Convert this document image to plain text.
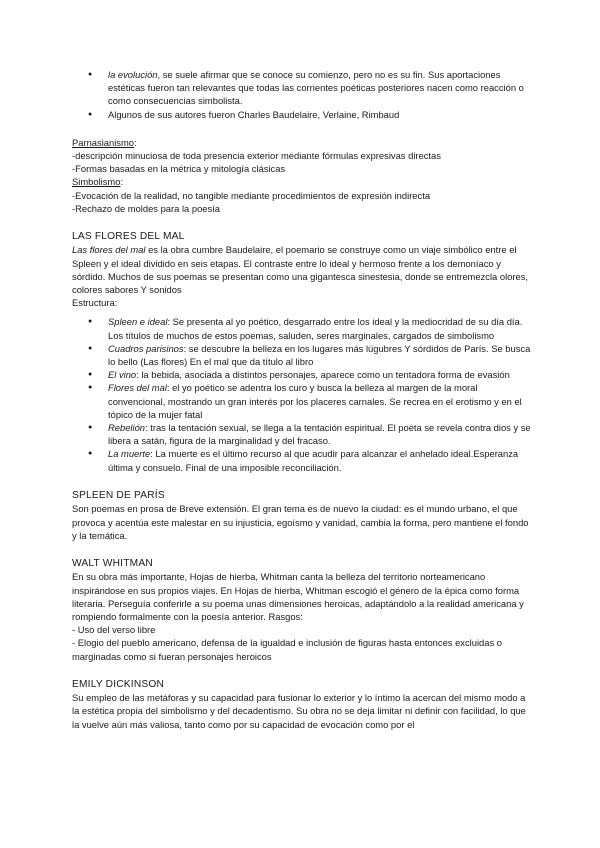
● la evolución, se suele afirmar que se conoce su comienzo, pero no es su fin. Sus aportaciones estéticas fueron tan relevantes que todas las corrientes poéticas posteriores nacen como reacción o como consecuencias simbolista.
● Algunos de sus autores fueron Charles Baudelaire, Verlaine, Rimbaud

Parnasianismo:

-descripción minuciosa de toda presencia exterior mediante fórmulas expresivas directas

-Formas basadas en la métrica y mitología clásicas

Simbolismo:

-Evocación de la realidad, no tangible mediante procedimientos de expresión indirecta

-Rechazo de moldes para la poesía

LAS FLORES DEL MAL

Las flores del mal es la obra cumbre Baudelaire, el poemario se construye como un viaje simbólico entre el Spleen y el ideal dividido en seis etapas. El contraste entre lo ideal y hermoso frente a los demoníaco y sórdido. Muchos de sus poemas se presentan como una gigantesca sinestesia, donde se entremezcla olores, colores sabores Y sonidos

Estructura:

● Spleen e ideal: Se presenta al yo poético, desgarrado entre los ideal y la mediocridad de su día día. Los títulos de muchos de estos poemas, saluden, seres marginales, cargados de simbolismo
● Cuadros parisinos: se descubre la belleza en los lugares más lúgubres Y sórdidos de París. Se busca lo bello (Las flores) En el mal que da título al libro
● El vino: la bebida, asociada a distintos personajes, aparece como un tentadora forma de evasión
● Flores del mal: el yo poético se adentra los curo y busca la belleza al margen de la moral convencional, mostrando un gran interés por los placeres carnales. Se recrea en el erotismo y en el tópico de la mujer fatal
● Rebelión: tras la tentación sexual, se llega a la tentación espiritual. El poeta se revela contra dios y se libera a satán, figura de la marginalidad y del fracaso.
● La muerte: La muerte es el último recurso al que acudir para alcanzar el anhelado ideal.Esperanza última y consuelo. Final de una imposible reconciliación.

SPLEEN DE PARÍS

Son poemas en prosa de Breve extensión. El gran tema es de nuevo la ciudad: es el mundo urbano, el que provoca y acentúa este malestar en su injusticia, egoísmo y vanidad, cambia la forma, pero mantiene el fondo y la temática.

WALT WHITMAN

En su obra más importante, Hojas de hierba, Whitman canta la belleza del territorio norteamericano inspirándose en sus propios viajes. En Hojas de hierba, Whitman escogió el género de la épica como forma literaria. Perseguía conferirle a su poema unas dimensiones heroicas, adaptándolo a la realidad americana y rompiendo formalmente con la poesía anterior. Rasgos:

- Uso del verso libre

- Elogio del pueblo americano, defensa de la igualdad e inclusión de figuras hasta entonces excluidas o marginadas como si fueran personajes heroicos

EMILY DICKINSON

Su empleo de las metáforas y su capacidad para fusionar lo exterior y lo íntimo la acercan del mismo modo a la estética propia del simbolismo y del decadentismo. Su obra no se deja limitar ni definir con facilidad, lo que la vuelve aún más valiosa, tanto como por su capacidad de evocación como por el
